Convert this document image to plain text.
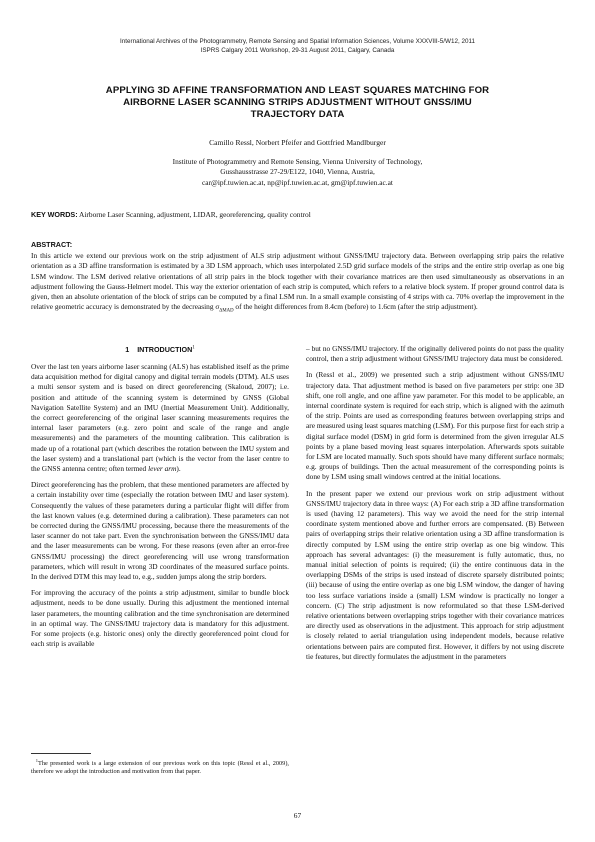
International Archives of the Photogrammetry, Remote Sensing and Spatial Information Sciences, Volume XXXVIII-5/W12, 2011
ISPRS Calgary 2011 Workshop, 29-31 August 2011, Calgary, Canada
APPLYING 3D AFFINE TRANSFORMATION AND LEAST SQUARES MATCHING FOR
AIRBORNE LASER SCANNING STRIPS ADJUSTMENT WITHOUT GNSS/IMU
TRAJECTORY DATA
Camillo Ressl, Norbert Pfeifer and Gottfried Mandlburger
Institute of Photogrammetry and Remote Sensing, Vienna University of Technology,
Gusshausstrasse 27-29/E122, 1040, Vienna, Austria,
car@ipf.tuwien.ac.at, np@ipf.tuwien.ac.at, gm@ipf.tuwien.ac.at
KEY WORDS: Airborne Laser Scanning, adjustment, LIDAR, georeferencing, quality control
ABSTRACT:
In this article we extend our previous work on the strip adjustment of ALS strip adjustment without GNSS/IMU trajectory data. Between overlapping strip pairs the relative orientation as a 3D affine transformation is estimated by a 3D LSM approach, which uses interpolated 2.5D grid surface models of the strips and the entire strip overlap as one big LSM window. The LSM derived relative orientations of all strip pairs in the block together with their covariance matrices are then used simultaneously as observations in an adjustment following the Gauss-Helmert model. This way the exterior orientation of each strip is computed, which refers to a relative block system. If proper ground control data is given, then an absolute orientation of the block of strips can be computed by a final LSM run. In a small example consisting of 4 strips with ca. 70% overlap the improvement in the relative geometric accuracy is demonstrated by the decreasing $\sigma_{\Delta MAD}$ of the height differences from 8.4cm (before) to 1.6cm (after the strip adjustment).
1 INTRODUCTION$^1$

Over the last ten years airborne laser scanning (ALS) has established itself as the prime data acquisition method for digital canopy and digital terrain models (DTM). ALS uses a multi sensor system and is based on direct georeferencing (Skaloud, 2007); i.e. position and attitude of the scanning system is determined by GNSS (Global Navigation Satellite System) and an IMU (Inertial Measurement Unit). Additionally, the correct georeferencing of the original laser scanning measurements requires the internal laser parameters (e.g. zero point and scale of the range and angle measurements) and the parameters of the mounting calibration. This calibration is made up of a rotational part (which describes the rotation between the IMU system and the laser system) and a translational part (which is the vector from the laser centre to the GNSS antenna centre; often termed lever arm).

Direct georeferencing has the problem, that these mentioned parameters are affected by a certain instability over time (especially the rotation between IMU and laser system). Consequently the values of these parameters during a particular flight will differ from the last known values (e.g. determined during a calibration). These parameters can not be corrected during the GNSS/IMU processing, because there the measurements of the laser scanner do not take part. Even the synchronisation between the GNSS/IMU data and the laser measurements can be wrong. For these reasons (even after an error-free GNSS/IMU processing) the direct georeferencing will use wrong transformation parameters, which will result in wrong 3D coordinates of the measured surface points. In the derived DTM this may lead to, e.g., sudden jumps along the strip borders.

For improving the accuracy of the points a strip adjustment, similar to bundle block adjustment, needs to be done usually. During this adjustment the mentioned internal laser parameters, the mounting calibration and the time synchronisation are determined in an optimal way. The GNSS/IMU trajectory data is mandatory for this adjustment. For some projects (e.g. historic ones) only the directly georeferenced point cloud for each strip is available

$^1$The presented work is a large extension of our previous work on this topic (Ressl et al., 2009), therefore we adopt the introduction and motivation from that paper.

– but no GNSS/IMU trajectory. If the originally delivered points do not pass the quality control, then a strip adjustment without GNSS/IMU trajectory data must be considered.

In (Ressl et al., 2009) we presented such a strip adjustment without GNSS/IMU trajectory data. That adjustment method is based on five parameters per strip: one 3D shift, one roll angle, and one affine yaw parameter. For this model to be applicable, an internal coordinate system is required for each strip, which is aligned with the azimuth of the strip. Points are used as corresponding features between overlapping strips and are measured using least squares matching (LSM). For this purpose first for each strip a digital surface model (DSM) in grid form is determined from the given irregular ALS points by a plane based moving least squares interpolation. Afterwards spots suitable for LSM are located manually. Such spots should have many different surface normals; e.g. groups of buildings. Then the actual measurement of the corresponding points is done by LSM using small windows centred at the initial locations.

In the present paper we extend our previous work on strip adjustment without GNSS/IMU trajectory data in three ways: (A) For each strip a 3D affine transformation is used (having 12 parameters). This way we avoid the need for the strip internal coordinate system mentioned above and further errors are compensated. (B) Between pairs of overlapping strips their relative orientation using a 3D affine transformation is directly computed by LSM using the entire strip overlap as one big window. This approach has several advantages: (i) the measurement is fully automatic, thus, no manual initial selection of points is required; (ii) the entire continuous data in the overlapping DSMs of the strips is used instead of discrete sparsely distributed points; (iii) because of using the entire overlap as one big LSM window, the danger of having too less surface variations inside a (small) LSM window is practically no longer a concern. (C) The strip adjustment is now reformulated so that these LSM-derived relative orientations between overlapping strips together with their covariance matrices are directly used as observations in the adjustment. This approach for strip adjustment is closely related to aerial triangulation using independent models, because relative orientations between pairs are computed first. However, it differs by not using discrete tie features, but directly formulates the adjustment in the parameters

67
